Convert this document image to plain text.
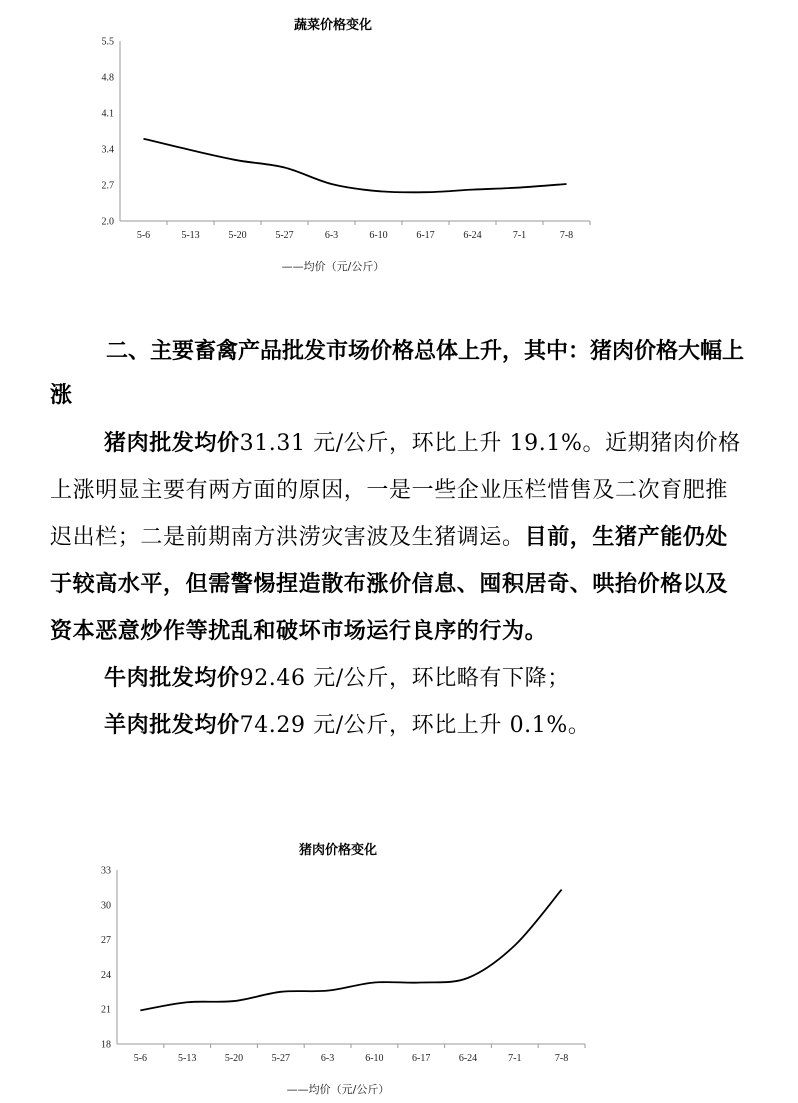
蔬菜价格变化
——均价（元/公斤）
5.5
4.8
4.1
3.4
2.7
2.0
5-6	5-13	5-20	5-27	6-3	6-10	6-17	6-24	7-1	7-8

二、主要畜禽产品批发市场价格总体上升，其中：猪肉价格大幅上涨

猪肉批发均价31.31 元/公斤，环比上升 19.1%。近期猪肉价格上涨明显主要有两方面的原因，一是一些企业压栏惜售及二次育肥推迟出栏；二是前期南方洪涝灾害波及生猪调运。目前，生猪产能仍处于较高水平，但需警惕捏造散布涨价信息、囤积居奇、哄抬价格以及资本恶意炒作等扰乱和破坏市场运行良序的行为。

牛肉批发均价92.46 元/公斤，环比略有下降；

羊肉批发均价74.29 元/公斤，环比上升 0.1%。

猪肉价格变化
——均价（元/公斤）
33
30
27
24
21
18
5-6	5-13	5-20	5-27	6-3	6-10	6-17	6-24	7-1	7-8
